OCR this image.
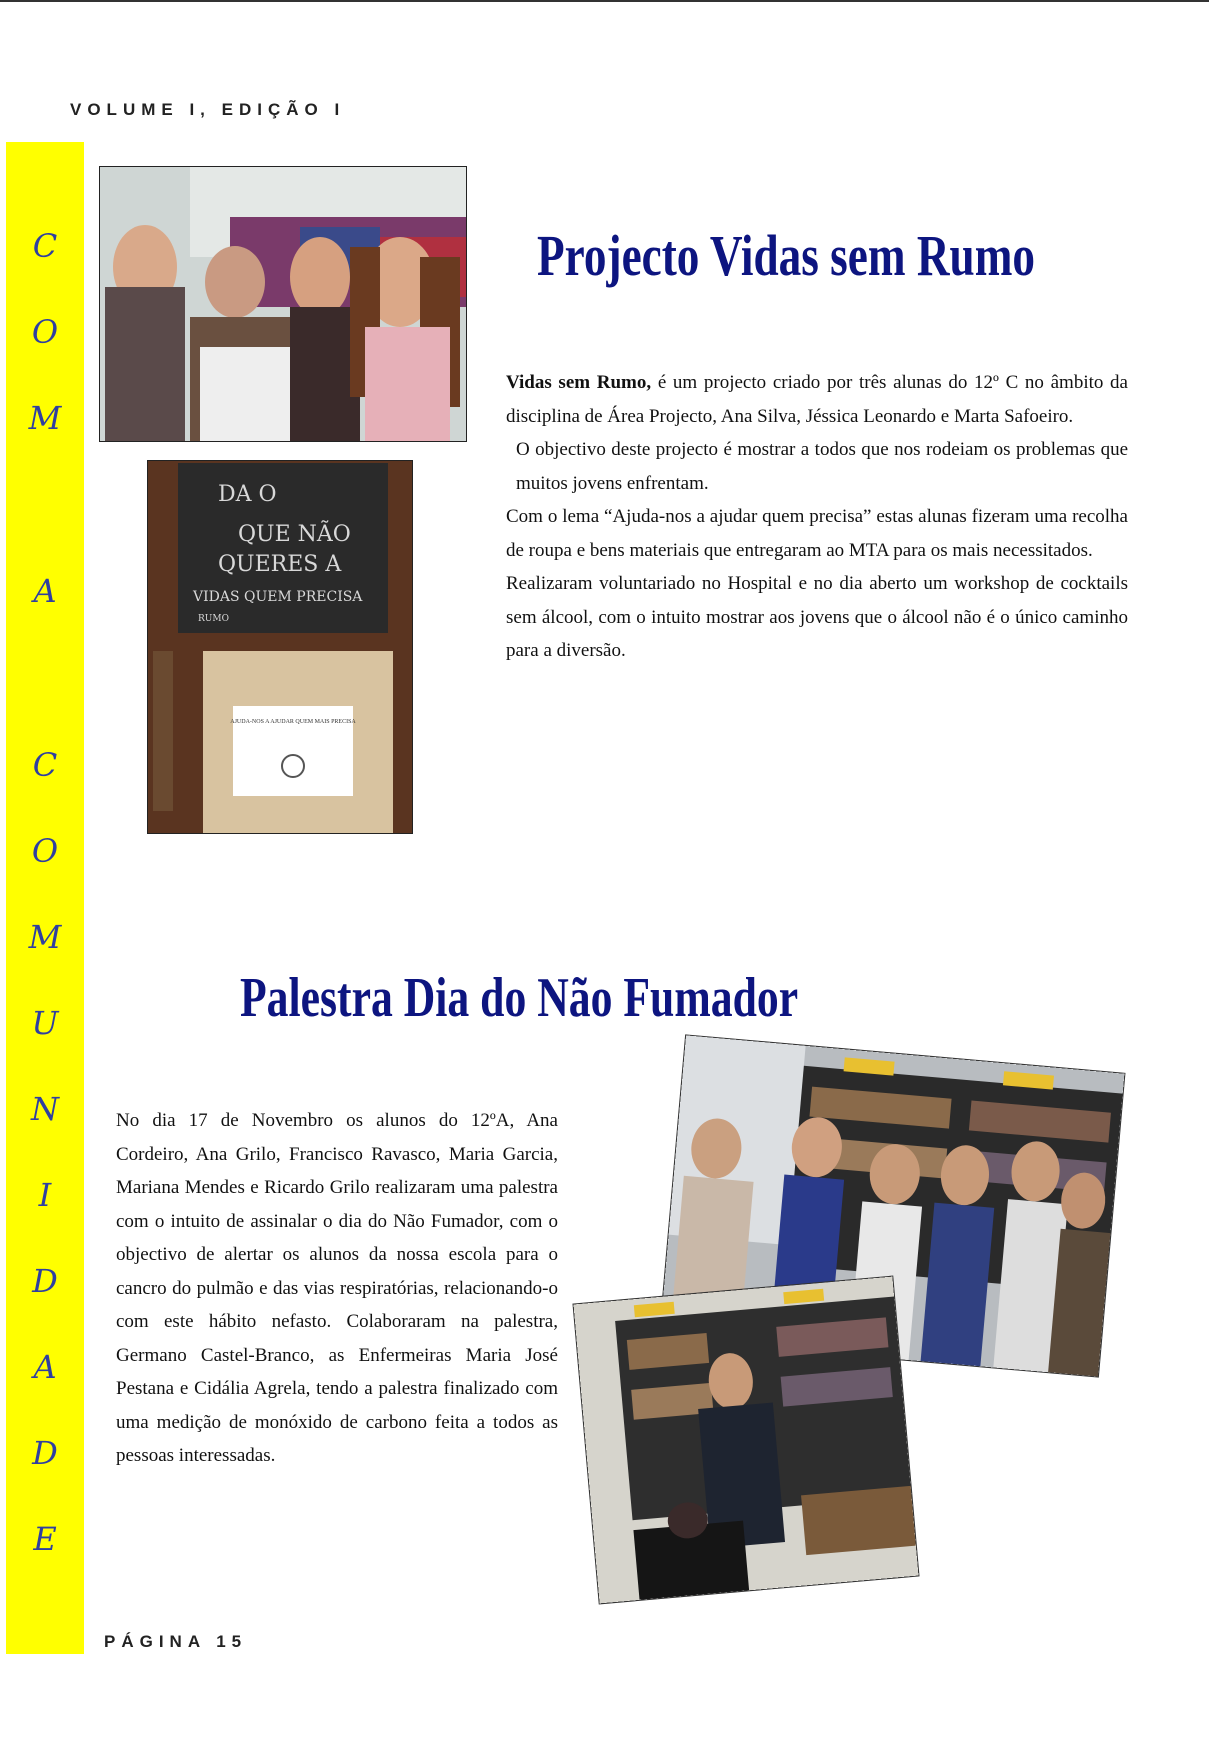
VOLUME I, EDIÇÃO I
C
O
M
A
C
O
M
U
N
I
D
A
D
E
DA O
QUE NÃO
QUERES A
VIDAS QUEM PRECISA
RUMO
AJUDA-NOS A AJUDAR QUEM MAIS PRECISA
Projecto Vidas sem Rumo

Vidas sem Rumo, é um projecto criado por três alunas do 12º C no âmbito da disciplina de Área Projecto, Ana Silva, Jéssica Leonardo e Marta Safoeiro.

O objectivo deste projecto é mostrar a todos que nos rodeiam os problemas que muitos jovens enfrentam.

Com o lema “Ajuda-nos a ajudar quem precisa” estas alunas fizeram uma recolha de roupa e bens materiais que entregaram ao MTA para os mais necessitados.

Realizaram voluntariado no Hospital e no dia aberto um workshop de cocktails sem álcool, com o intuito mostrar aos jovens que o álcool não é o único caminho para a diversão.

Palestra Dia do Não Fumador

No dia 17 de Novembro os alunos do 12ºA, Ana Cordeiro, Ana Grilo, Francisco Ravasco, Maria Garcia, Mariana Mendes e Ricardo Grilo realizaram uma palestra com o intuito de assinalar o dia do Não Fumador, com o objectivo de alertar os alunos da nossa escola para o cancro do pulmão e das vias respiratórias, relacionando-o com este hábito nefasto. Colaboraram na palestra, Germano Castel-Branco, as Enfermeiras Maria José Pestana e Cidália Agrela, tendo a palestra finalizado com uma medição de monóxido de carbono feita a todos as pessoas interessadas.

PÁGINA 15
